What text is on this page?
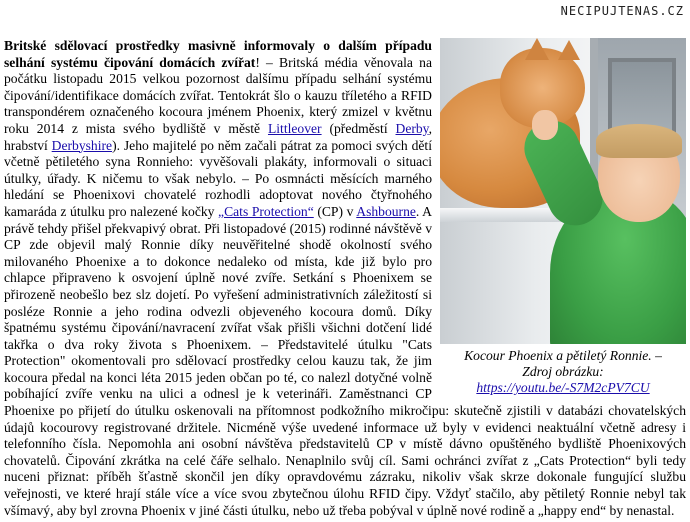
NECIPUJTENAS.CZ
Kocour Phoenix a pětiletý Ronnie. –
Zdroj obrázku:
https://youtu.be/-S7M2cPV7CU
Britské sdělovací prostředky masivně informovaly o dalším případu selhání systému čipování domácích zvířat! – Britská média věnovala na počátku listopadu 2015 velkou pozornost dalšímu případu selhání systému čipování/identifikace domácích zvířat. Tentokrát šlo o kauzu tříletého a RFID transpondérem označeného kocoura jménem Phoenix, který zmizel v květnu roku 2014 z mista svého bydliště v městě Littleover (předměstí Derby, hrabství Derbyshire). Jeho majitelé po něm začali pátrat za pomoci svých dětí včetně pětiletého syna Ronnieho: vyvěšovali plakáty, informovali o situaci útulky, úřady. K ničemu to však nebylo. – Po osmnácti měsících marného hledání se Phoenixovi chovatelé rozhodli adoptovat nového čtyřnohého kamaráda z útulku pro nalezené kočky „Cats Protection“ (CP) v Ashbourne. A právě tehdy přišel překvapivý obrat. Při listopadové (2015) rodinné návštěvě v CP zde objevil malý Ronnie díky neuvěřitelné shodě okolností svého milovaného Phoenixe a to dokonce nedaleko od místa, kde již bylo pro chlapce připraveno k osvojení úplně nové zvíře. Setkání s Phoenixem se přirozeně neobešlo bez slz dojetí. Po vyřešení administrativních záležitostí si posléze Ronnie a jeho rodina odvezli objeveného kocoura domů. Díky špatnému systému čipování/navracení zvířat však přišli všichni dotčení lidé takřka o dva roky života s Phoenixem. – Představitelé útulku "Cats Protection" okomentovali pro sdělovací prostředky celou kauzu tak, že jim kocoura předal na konci léta 2015 jeden občan po té, co nalezl dotyčné volně pobíhající zvíře venku na ulici a odnesl je k veterináři. Zaměstnanci CP Phoenixe po přijetí do útulku oskenovali na přítomnost podkožního mikročipu: skutečně zjistili v databázi chovatelských údajů kocourovy registrované držitele. Nicméně výše uvedené informace už byly v evidenci neaktuální včetně adresy i telefonního čísla. Nepomohla ani osobní návštěva představitelů CP v místě dávno opuštěného bydliště Phoenixových chovatelů. Čipování zkrátka na celé čáře selhalo. Nenaplnilo svůj cíl. Sami ochránci zvířat z „Cats Protection“ byli tedy nuceni přiznat: příběh šťastně skončil jen díky opravdovému zázraku, nikoliv však skrze dokonale fungující službu veřejnosti, ve které hrají stále více a více svou zbytečnou úlohu RFID čipy. Vždyť stačilo, aby pětiletý Ronnie nebyl tak všímavý, aby byl zrovna Phoenix v jiné části útulku, nebo už třeba pobýval v úplně nové rodině a „happy end“ by nenastal.
